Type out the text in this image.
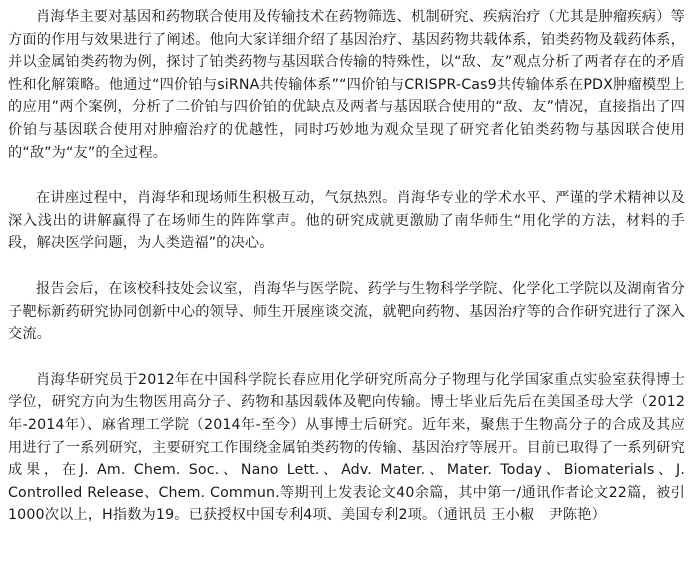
肖海华主要对基因和药物联合使用及传输技术在药物筛选、机制研究、疾病治疗（尤其是肿瘤疾病）等方面的作用与效果进行了阐述。他向大家详细介绍了基因治疗、基因药物共载体系，铂类药物及载药体系，并以金属铂类药物为例，探讨了铂类药物与基因联合传输的特殊性，以“敌、友”观点分析了两者存在的矛盾性和化解策略。他通过“四价铂与siRNA共传输体系”“四价铂与CRISPR-Cas9共传输体系在PDX肿瘤模型上的应用”两个案例，分析了二价铂与四价铂的优缺点及两者与基因联合使用的“敌、友”情况，直接指出了四价铂与基因联合使用对肿瘤治疗的优越性，同时巧妙地为观众呈现了研究者化铂类药物与基因联合使用的“敌”为“友”的全过程。

在讲座过程中，肖海华和现场师生积极互动，气氛热烈。肖海华专业的学术水平、严谨的学术精神以及深入浅出的讲解赢得了在场师生的阵阵掌声。他的研究成就更激励了南华师生“用化学的方法，材料的手段，解决医学问题，为人类造福”的决心。

报告会后，在该校科技处会议室，肖海华与医学院、药学与生物科学学院、化学化工学院以及湖南省分子靶标新药研究协同创新中心的领导、师生开展座谈交流，就靶向药物、基因治疗等的合作研究进行了深入交流。

肖海华研究员于2012年在中国科学院长春应用化学研究所高分子物理与化学国家重点实验室获得博士学位，研究方向为生物医用高分子、药物和基因载体及靶向传输。博士毕业后先后在美国圣母大学（2012年-2014年）、麻省理工学院（2014年-至今）从事博士后研究。近年来，聚焦于生物高分子的合成及其应用进行了一系列研究，主要研究工作围绕金属铂类药物的传输、基因治疗等展开。目前已取得了一系列研究成果，在J. Am. Chem. Soc.、Nano Lett.、Adv. Mater.、Mater. Today、Biomaterials、J. Controlled Release、Chem. Commun.等期刊上发表论文40余篇，其中第一/通讯作者论文22篇，被引1000次以上，H指数为19。已获授权中国专利4项、美国专利2项。（通讯员 王小椒　尹陈艳）
